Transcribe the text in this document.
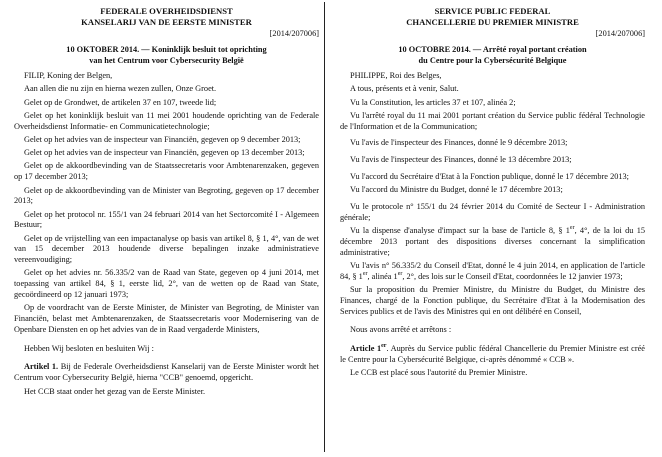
FEDERALE OVERHEIDSDIENST
KANSELARIJ VAN DE EERSTE MINISTER
[2014/207006]
10 OKTOBER 2014. — Koninklijk besluit tot oprichting
van het Centrum voor Cybersecurity België

FILIP, Koning der Belgen,

Aan allen die nu zijn en hierna wezen zullen, Onze Groet.

Gelet op de Grondwet, de artikelen 37 en 107, tweede lid;

Gelet op het koninklijk besluit van 11 mei 2001 houdende oprichting van de Federale Overheidsdienst Informatie- en Communicatietechnologie;

Gelet op het advies van de inspecteur van Financiën, gegeven op 9 december 2013;

Gelet op het advies van de inspecteur van Financiën, gegeven op 13 december 2013;

Gelet op de akkoordbevinding van de Staatssecretaris voor Ambtenarenzaken, gegeven op 17 december 2013;

Gelet op de akkoordbevinding van de Minister van Begroting, gegeven op 17 december 2013;

Gelet op het protocol nr. 155/1 van 24 februari 2014 van het Sectorcomité I - Algemeen Bestuur;

Gelet op de vrijstelling van een impactanalyse op basis van artikel 8, § 1, 4°, van de wet van 15 december 2013 houdende diverse bepalingen inzake administratieve vereenvoudiging;

Gelet op het advies nr. 56.335/2 van de Raad van State, gegeven op 4 juni 2014, met toepassing van artikel 84, § 1, eerste lid, 2°, van de wetten op de Raad van State, gecoördineerd op 12 januari 1973;

Op de voordracht van de Eerste Minister, de Minister van Begroting, de Minister van Financiën, belast met Ambtenarenzaken, de Staatssecretaris voor Modernisering van de Openbare Diensten en op het advies van de in Raad vergaderde Ministers,

Hebben Wij besloten en besluiten Wij :

Artikel 1. Bij de Federale Overheidsdienst Kanselarij van de Eerste Minister wordt het Centrum voor Cybersecurity België, hierna "CCB" genoemd, opgericht.

Het CCB staat onder het gezag van de Eerste Minister.

SERVICE PUBLIC FEDERAL
CHANCELLERIE DU PREMIER MINISTRE
[2014/207006]
10 OCTOBRE 2014. — Arrêté royal portant création
du Centre pour la Cybersécurité Belgique

PHILIPPE, Roi des Belges,

A tous, présents et à venir, Salut.

Vu la Constitution, les articles 37 et 107, alinéa 2;

Vu l'arrêté royal du 11 mai 2001 portant création du Service public fédéral Technologie de l'Information et de la Communication;

Vu l'avis de l'inspecteur des Finances, donné le 9 décembre 2013;

Vu l'avis de l'inspecteur des Finances, donné le 13 décembre 2013;

Vu l'accord du Secrétaire d'Etat à la Fonction publique, donné le 17 décembre 2013;

Vu l'accord du Ministre du Budget, donné le 17 décembre 2013;

Vu le protocole n° 155/1 du 24 février 2014 du Comité de Secteur I - Administration générale;

Vu la dispense d'analyse d'impact sur la base de l'article 8, § 1er, 4°, de la loi du 15 décembre 2013 portant des dispositions diverses concernant la simplification administrative;

Vu l'avis n° 56.335/2 du Conseil d'Etat, donné le 4 juin 2014, en application de l'article 84, § 1er, alinéa 1er, 2°, des lois sur le Conseil d'Etat, coordonnées le 12 janvier 1973;

Sur la proposition du Premier Ministre, du Ministre du Budget, du Ministre des Finances, chargé de la Fonction publique, du Secrétaire d'Etat à la Modernisation des Services publics et de l'avis des Ministres qui en ont délibéré en Conseil,

Nous avons arrêté et arrêtons :

Article 1er. Auprès du Service public fédéral Chancellerie du Premier Ministre est créé le Centre pour la Cybersécurité Belgique, ci-après dénommé « CCB ».

Le CCB est placé sous l'autorité du Premier Ministre.
